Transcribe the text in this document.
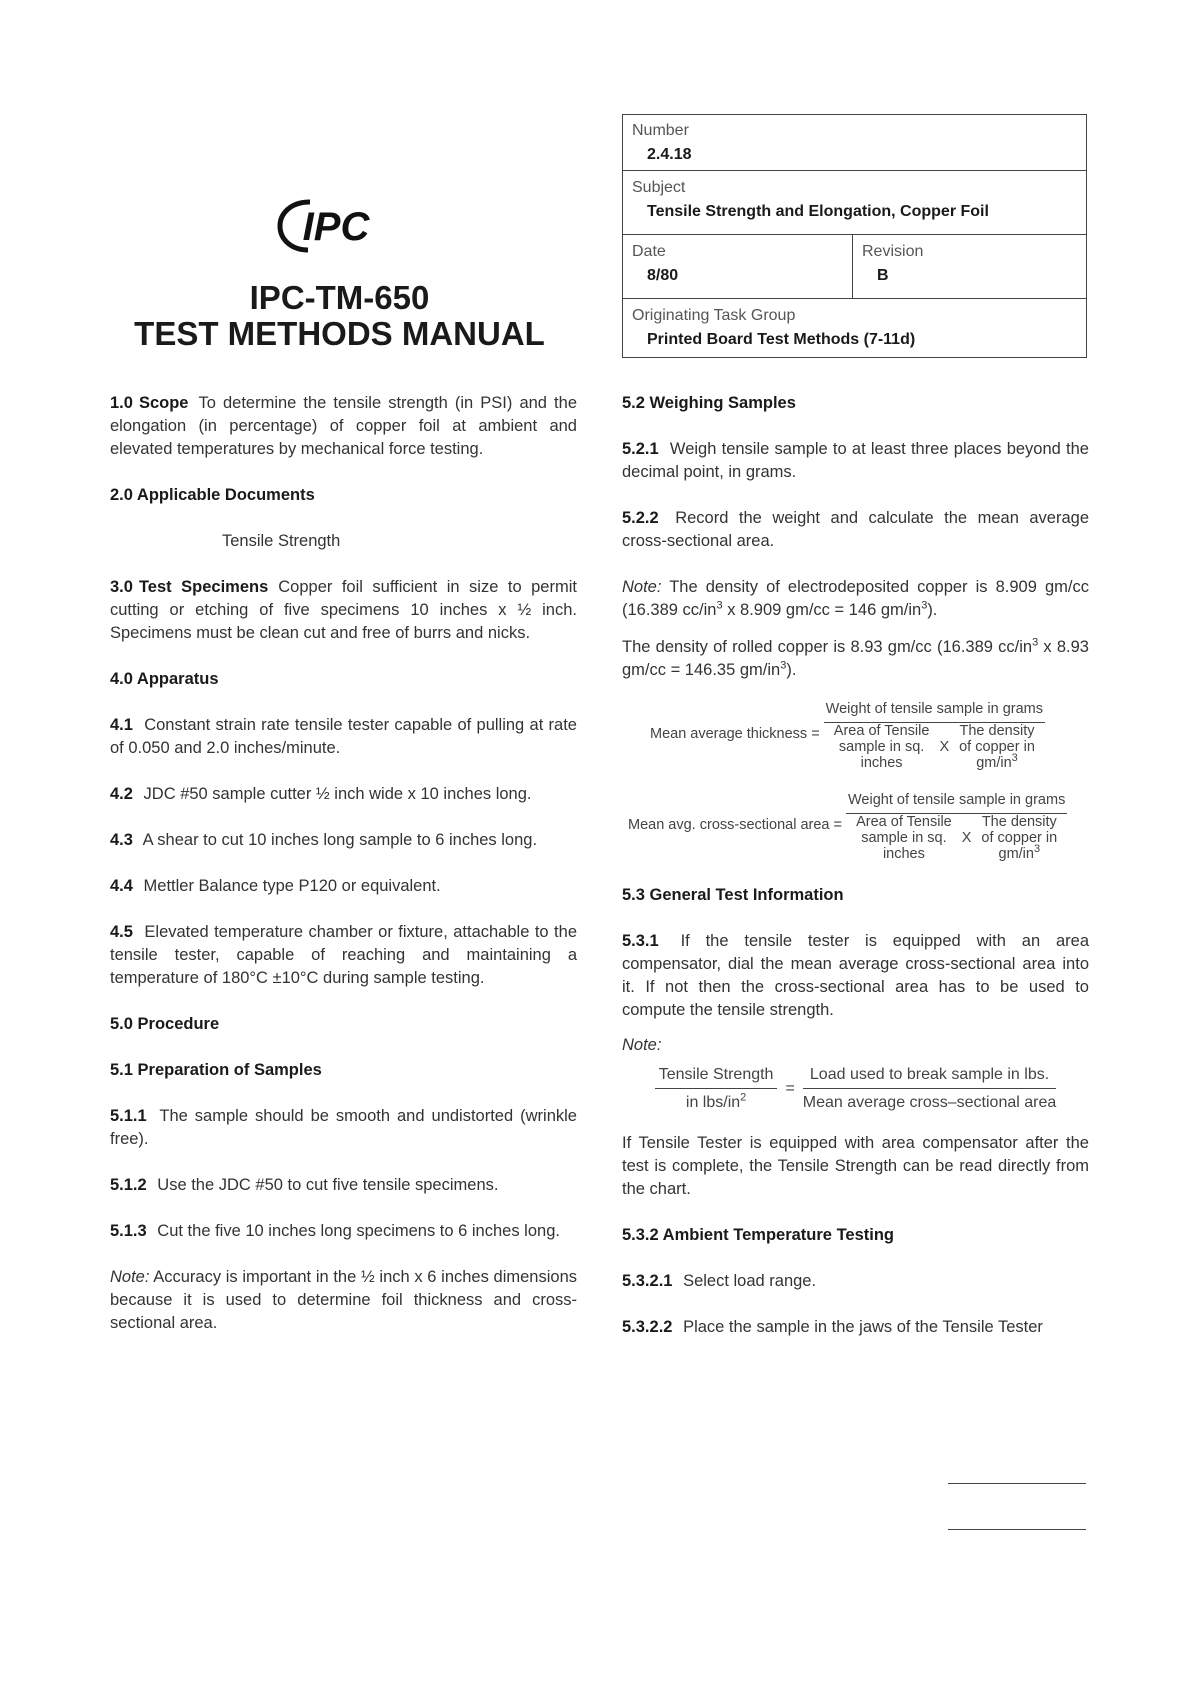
IPC
IPC-TM-650
TEST METHODS MANUAL
Number
2.4.18
Subject
Tensile Strength and Elongation, Copper Foil
Date
8/80
Revision
B
Originating Task Group
Printed Board Test Methods (7-11d)

1.0 Scope To determine the tensile strength (in PSI) and the elongation (in percentage) of copper foil at ambient and elevated temperatures by mechanical force testing.

2.0 Applicable Documents

Tensile Strength

3.0 Test Specimens Copper foil sufficient in size to permit cutting or etching of five specimens 10 inches x ½ inch. Specimens must be clean cut and free of burrs and nicks.

4.0 Apparatus

4.1 Constant strain rate tensile tester capable of pulling at rate of 0.050 and 2.0 inches/minute.

4.2 JDC #50 sample cutter ½ inch wide x 10 inches long.

4.3 A shear to cut 10 inches long sample to 6 inches long.

4.4 Mettler Balance type P120 or equivalent.

4.5 Elevated temperature chamber or fixture, attachable to the tensile tester, capable of reaching and maintaining a temperature of 180°C ±10°C during sample testing.

5.0 Procedure
5.1 Preparation of Samples

5.1.1 The sample should be smooth and undistorted (wrinkle free).

5.1.2 Use the JDC #50 to cut five tensile specimens.

5.1.3 Cut the five 10 inches long specimens to 6 inches long.

Note: Accuracy is important in the ½ inch x 6 inches dimensions because it is used to determine foil thickness and cross-sectional area.

5.2 Weighing Samples

5.2.1 Weigh tensile sample to at least three places beyond the decimal point, in grams.

5.2.2 Record the weight and calculate the mean average cross-sectional area.

Note: The density of electrodeposited copper is 8.909 gm/cc (16.389 $cc/in^3$ x 8.909 gm/cc = 146 $gm/in^3$).

The density of rolled copper is 8.93 gm/cc (16.389 $cc/in^3$ x 8.93 gm/cc = 146.35 $gm/in^3$).

Mean average thickness =
Weight of tensile sample in grams
Area of Tensile
sample in sq.
inches
X
The density
of copper in
$gm/in^3$
Mean avg. cross-sectional area =
Weight of tensile sample in grams
Area of Tensile
sample in sq.
inches
X
The density
of copper in
$gm/in^3$
5.3 General Test Information

5.3.1 If the tensile tester is equipped with an area compensator, dial the mean average cross-sectional area into it. If not then the cross-sectional area has to be used to compute the tensile strength.

Note:

$\frac{\text{Tensile Strength}}{in lbs/in^2} = \frac{\text{Load used to break sample in lbs.}}{\text{Mean average cross–sectional area}}$

If Tensile Tester is equipped with area compensator after the test is complete, the Tensile Strength can be read directly from the chart.

5.3.2 Ambient Temperature Testing

5.3.2.1 Select load range.

5.3.2.2 Place the sample in the jaws of the Tensile Tester
